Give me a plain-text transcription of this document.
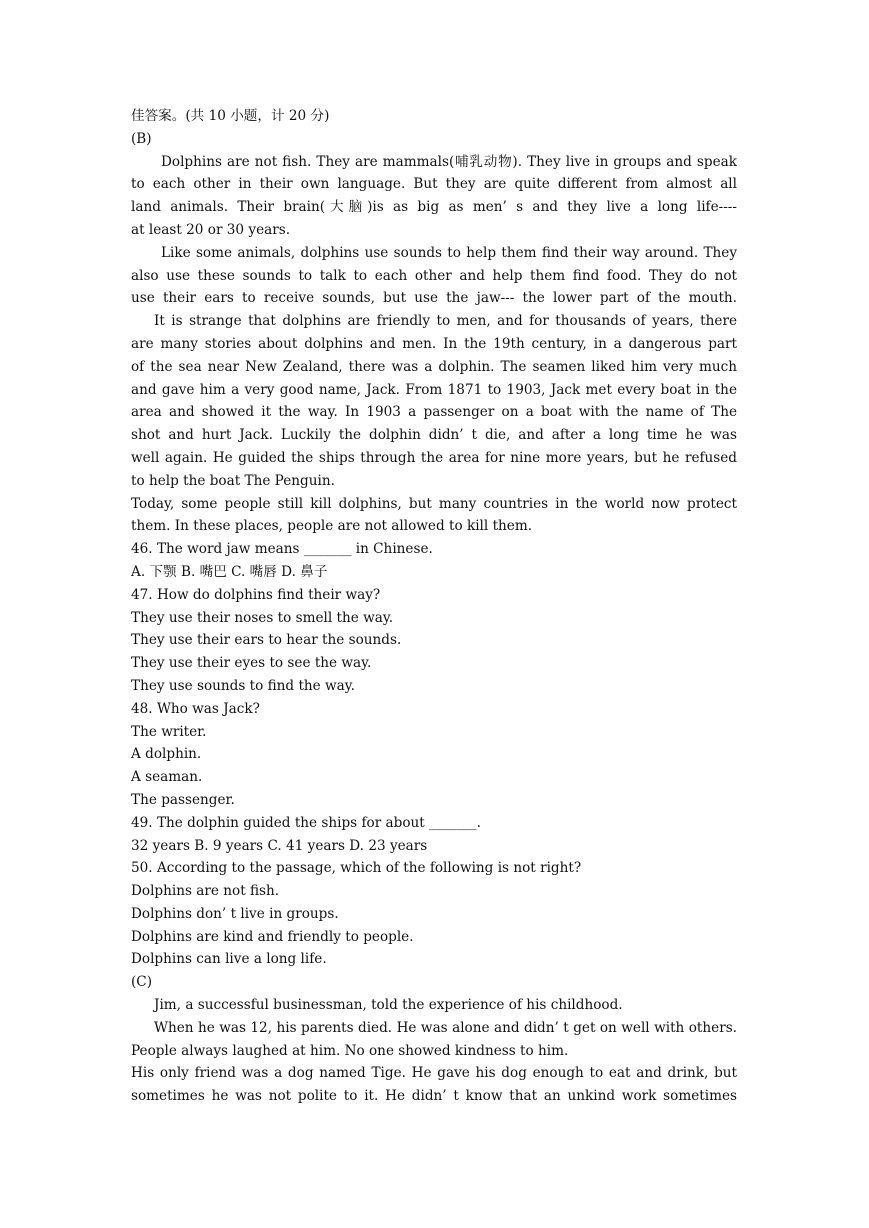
佳答案。(共 10 小题，计 20 分)
(B)
Dolphins are not fish. They are mammals(哺乳动物). They live in groups and speak
to each other in their own language. But they are quite different from almost all
land animals. Their brain(大脑)is as big as men’ s and they live a long life----
at least 20 or 30 years.
Like some animals, dolphins use sounds to help them find their way around. They
also use these sounds to talk to each other and help them find food. They do not
use their ears to receive sounds, but use the jaw--- the lower part of the mouth.
It is strange that dolphins are friendly to men, and for thousands of years, there
are many stories about dolphins and men. In the 19th century, in a dangerous part
of the sea near New Zealand, there was a dolphin. The seamen liked him very much
and gave him a very good name, Jack. From 1871 to 1903, Jack met every boat in the
area and showed it the way. In 1903 a passenger on a boat with the name of The
shot and hurt Jack. Luckily the dolphin didn’ t die, and after a long time he was
well again. He guided the ships through the area for nine more years, but he refused
to help the boat The Penguin.
Today, some people still kill dolphins, but many countries in the world now protect
them. In these places, people are not allowed to kill them.
46. The word jaw means _______ in Chinese.
A. 下颚 B. 嘴巴 C. 嘴唇 D. 鼻子
47. How do dolphins find their way?
They use their noses to smell the way.
They use their ears to hear the sounds.
They use their eyes to see the way.
They use sounds to find the way.
48. Who was Jack?
The writer.
A dolphin.
A seaman.
The passenger.
49. The dolphin guided the ships for about _______.
32 years B. 9 years C. 41 years D. 23 years
50. According to the passage, which of the following is not right?
Dolphins are not fish.
Dolphins don’ t live in groups.
Dolphins are kind and friendly to people.
Dolphins can live a long life.
(C)
Jim, a successful businessman, told the experience of his childhood.
When he was 12, his parents died. He was alone and didn’ t get on well with others.
People always laughed at him. No one showed kindness to him.
His only friend was a dog named Tige. He gave his dog enough to eat and drink, but
sometimes he was not polite to it. He didn’ t know that an unkind work sometimes
